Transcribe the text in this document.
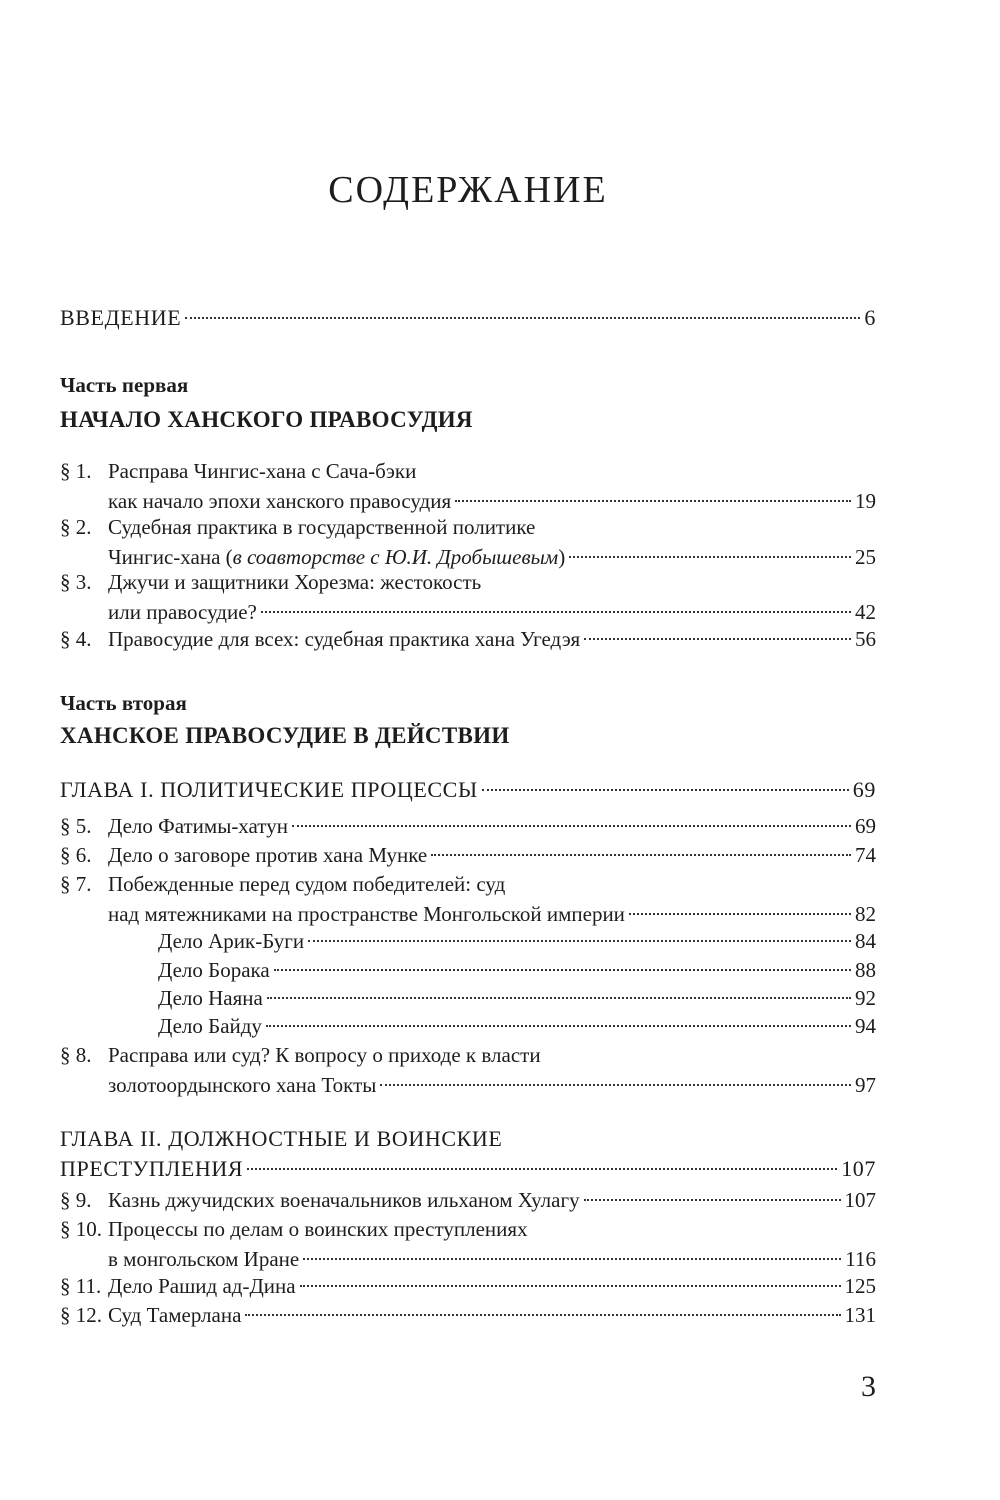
СОДЕРЖАНИЕ
ВВЕДЕНИЕ	6
Часть первая
НАЧАЛО ХАНСКОГО ПРАВОСУДИЯ
§ 1. Расправа Чингис-хана с Сача-бэки
как начало эпохи ханского правосудия	19
§ 2. Судебная практика в государственной политике
Чингис-хана (в соавторстве с Ю.И. Дробышевым)	25
§ 3. Джучи и защитники Хорезма: жестокость
или правосудие?	42
§ 4. Правосудие для всех: судебная практика хана Угедэя	56
Часть вторая
ХАНСКОЕ ПРАВОСУДИЕ В ДЕЙСТВИИ
ГЛАВА I. ПОЛИТИЧЕСКИЕ ПРОЦЕССЫ	69
§ 5. Дело Фатимы-хатун	69
§ 6. Дело о заговоре против хана Мунке	74
§ 7. Побежденные перед судом победителей: суд
над мятежниками на пространстве Монгольской империи	82
Дело Арик-Буги	84
Дело Борака	88
Дело Наяна	92
Дело Байду	94
§ 8. Расправа или суд? К вопросу о приходе к власти
золотоордынского хана Токты	97
ГЛАВА II. ДОЛЖНОСТНЫЕ И ВОИНСКИЕ
ПРЕСТУПЛЕНИЯ	107
§ 9. Казнь джучидских военачальников ильханом Хулагу	107
§ 10. Процессы по делам о воинских преступлениях
в монгольском Иране	116
§ 11. Дело Рашид ад-Дина	125
§ 12. Суд Тамерлана	131
3
